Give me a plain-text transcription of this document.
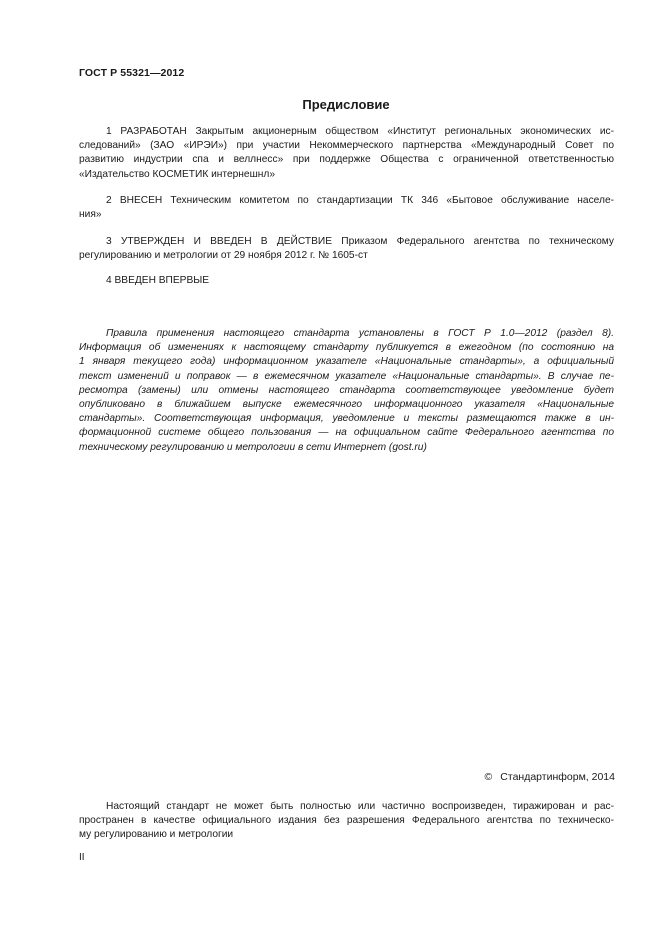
ГОСТ Р 55321—2012
Предисловие
1 РАЗРАБОТАН Закрытым акционерным обществом «Институт региональных экономических ис-
следований» (ЗАО «ИРЭИ») при участии Некоммерческого партнерства «Международный Совет по
развитию индустрии спа и веллнесс» при поддержке Общества с ограниченной ответственностью
«Издательство КОСМЕТИК интернешнл»
2 ВНЕСЕН Техническим комитетом по стандартизации ТК 346 «Бытовое обслуживание населе-
ния»
3 УТВЕРЖДЕН И ВВЕДЕН В ДЕЙСТВИЕ Приказом Федерального агентства по техническому
регулированию и метрологии от 29 ноября 2012 г. № 1605-ст
4 ВВЕДЕН ВПЕРВЫЕ
Правила применения настоящего стандарта установлены в ГОСТ Р 1.0—2012 (раздел 8).
Информация об изменениях к настоящему стандарту публикуется в ежегодном (по состоянию на
1 января текущего года) информационном указателе «Национальные стандарты», а официальный
текст изменений и поправок — в ежемесячном указателе «Национальные стандарты». В случае пе-
ресмотра (замены) или отмены настоящего стандарта соответствующее уведомление будет
опубликовано в ближайшем выпуске ежемесячного информационного указателя «Национальные
стандарты». Соответствующая информация, уведомление и тексты размещаются также в ин-
формационной системе общего пользования — на официальном сайте Федерального агентства по
техническому регулированию и метрологии в сети Интернет (gost.ru)
© Стандартинформ, 2014
Настоящий стандарт не может быть полностью или частично воспроизведен, тиражирован и рас-
пространен в качестве официального издания без разрешения Федерального агентства по техническо-
му регулированию и метрологии
II
